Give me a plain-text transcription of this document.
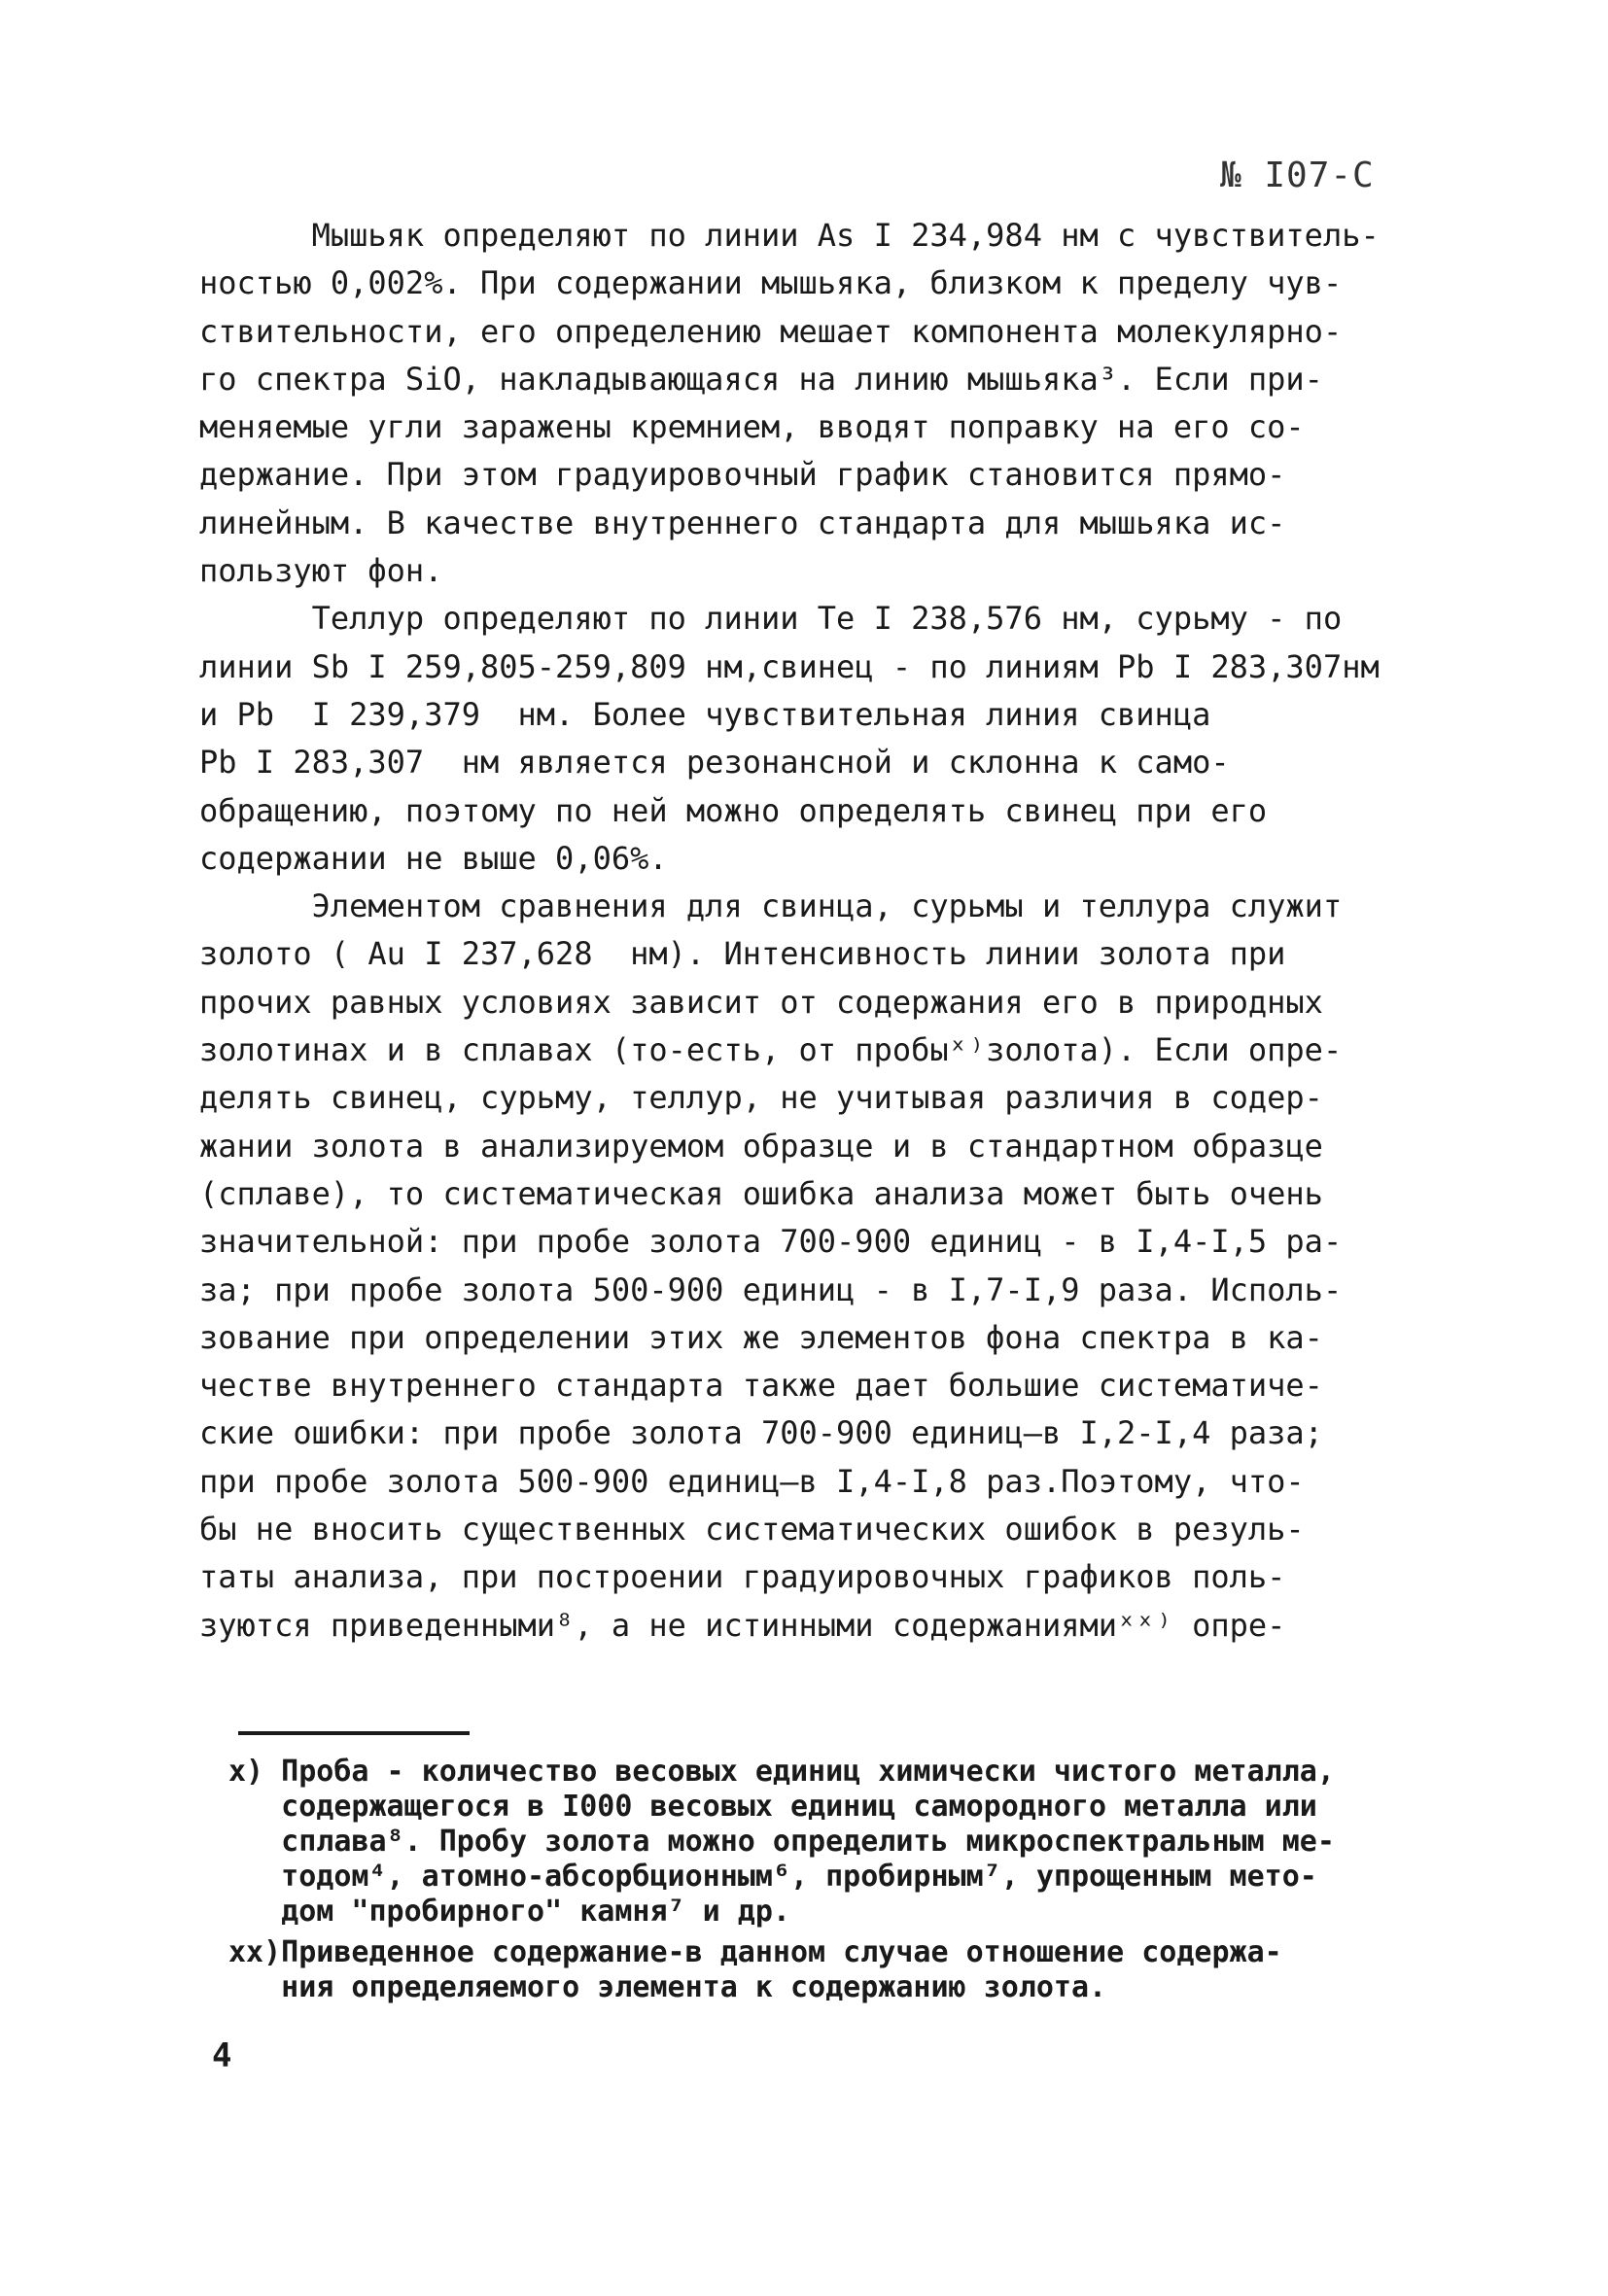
№ I07-С
Мышьяк определяют по линии As I 234,984 нм с чувствитель-
ностью 0,002%. При содержании мышьяка, близком к пределу чув-
ствительности, его определению мешает компонента молекулярно-
го спектра SiO, накладывающаяся на линию мышьяка³. Если при-
меняемые угли заражены кремнием, вводят поправку на его со-
держание. При этом градуировочный график становится прямо-
линейным. В качестве внутреннего стандарта для мышьяка ис-
пользуют фон.
Теллур определяют по линии Te I 238,576 нм, сурьму - по
линии Sb I 259,805-259,809 нм,свинец - по линиям Pb I 283,307нм
и Pb  I 239,379  нм. Более чувствительная линия свинца
Pb I 283,307  нм является резонансной и склонна к само-
обращению, поэтому по ней можно определять свинец при его
содержании не выше 0,06%.
Элементом сравнения для свинца, сурьмы и теллура служит
золото ( Au I 237,628  нм). Интенсивность линии золота при
прочих равных условиях зависит от содержания его в природных
золотинах и в сплавах (то-есть, от пробыˣ⁾золота). Если опре-
делять свинец, сурьму, теллур, не учитывая различия в содер-
жании золота в анализируемом образце и в стандартном образце
(сплаве), то систематическая ошибка анализа может быть очень
значительной: при пробе золота 700-900 единиц - в I,4-I,5 ра-
за; при пробе золота 500-900 единиц - в I,7-I,9 раза. Исполь-
зование при определении этих же элементов фона спектра в ка-
честве внутреннего стандарта также дает большие систематиче-
ские ошибки: при пробе золота 700-900 единиц—в I,2-I,4 раза;
при пробе золота 500-900 единиц—в I,4-I,8 раз.Поэтому, что-
бы не вносить существенных систематических ошибок в резуль-
таты анализа, при построении градуировочных графиков поль-
зуются приведенными⁸, а не истинными содержаниямиˣˣ⁾ опре-
x) Проба - количество весовых единиц химически чистого металла,
содержащегося в I000 весовых единиц самородного металла или
сплава⁸. Пробу золота можно определить микроспектральным ме-
тодом⁴, атомно-абсорбционным⁶, пробирным⁷, упрощенным мето-
дом "пробирного" камня⁷ и др.
xx)Приведенное содержание-в данном случае отношение содержа-
ния определяемого элемента к содержанию золота.
4
